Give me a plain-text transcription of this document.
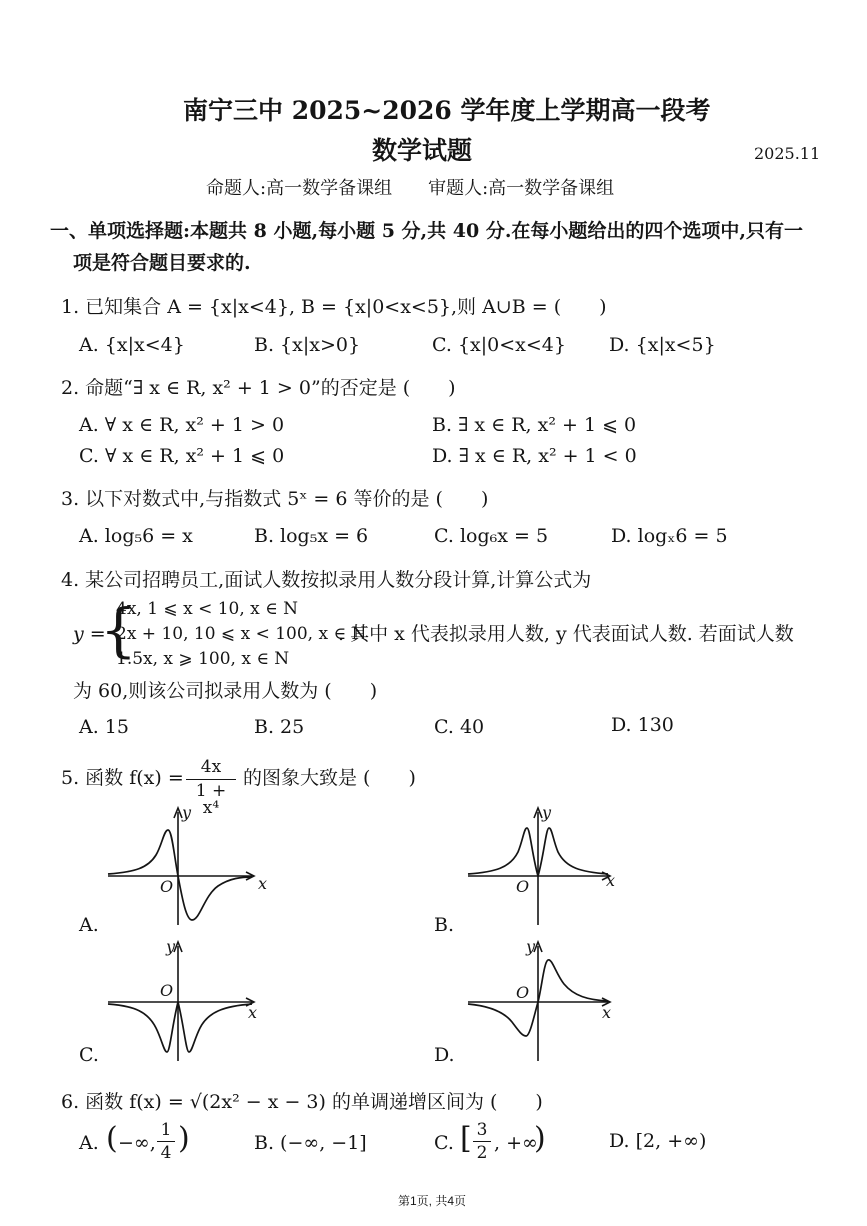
南宁三中 2025~2026 学年度上学期高一段考
数学试题	2025.11
命题人:高一数学备课组　　审题人:高一数学备课组
一、单项选择题:本题共 8 小题,每小题 5 分,共 40 分.在每小题给出的四个选项中,只有一
项是符合题目要求的.
1. 已知集合 A = {x|x<4}, B = {x|0<x<5},则 A∪B = (　　)
A. {x|x<4}	B. {x|x>0}	C. {x|0<x<4} D. {x|x<5}
2. 命题“∃ x ∈ R, x² + 1 > 0”的否定是 (　　)
A. ∀ x ∈ R, x² + 1 > 0	B. ∃ x ∈ R, x² + 1 ⩽ 0
C. ∀ x ∈ R, x² + 1 ⩽ 0	D. ∃ x ∈ R, x² + 1 < 0
3. 以下对数式中,与指数式 5ˣ = 6 等价的是 (　　)
A. log₅6 = x	B. log₅x = 6	C. log₆x = 5	D. logₓ6 = 5
4. 某公司招聘员工,面试人数按拟录用人数分段计算,计算公式为
y =
{
4x, 1 ⩽ x < 10, x ∈ N
2x + 10, 10 ⩽ x < 100, x ∈ N
1.5x, x ⩾ 100, x ∈ N
. 其中 x 代表拟录用人数, y 代表面试人数. 若面试人数
为 60,则该公司拟录用人数为 (　　)
A. 15	B. 25	C. 40	D. 130
5. 函数 f(x) =	4x
1 + x⁴
的图象大致是 (　　)
y
x
O
A.
y
x
O
B.
y
x
O
C.
y
x
O
D.
6. 函数 f(x) = √(2x² − x − 3) 的单调递增区间为 (　　)
A. ( −∞,
1
4 )	B. (−∞, −1]	C. [ 3
2 , +∞
)	D. [2, +∞)
第1页, 共4页
